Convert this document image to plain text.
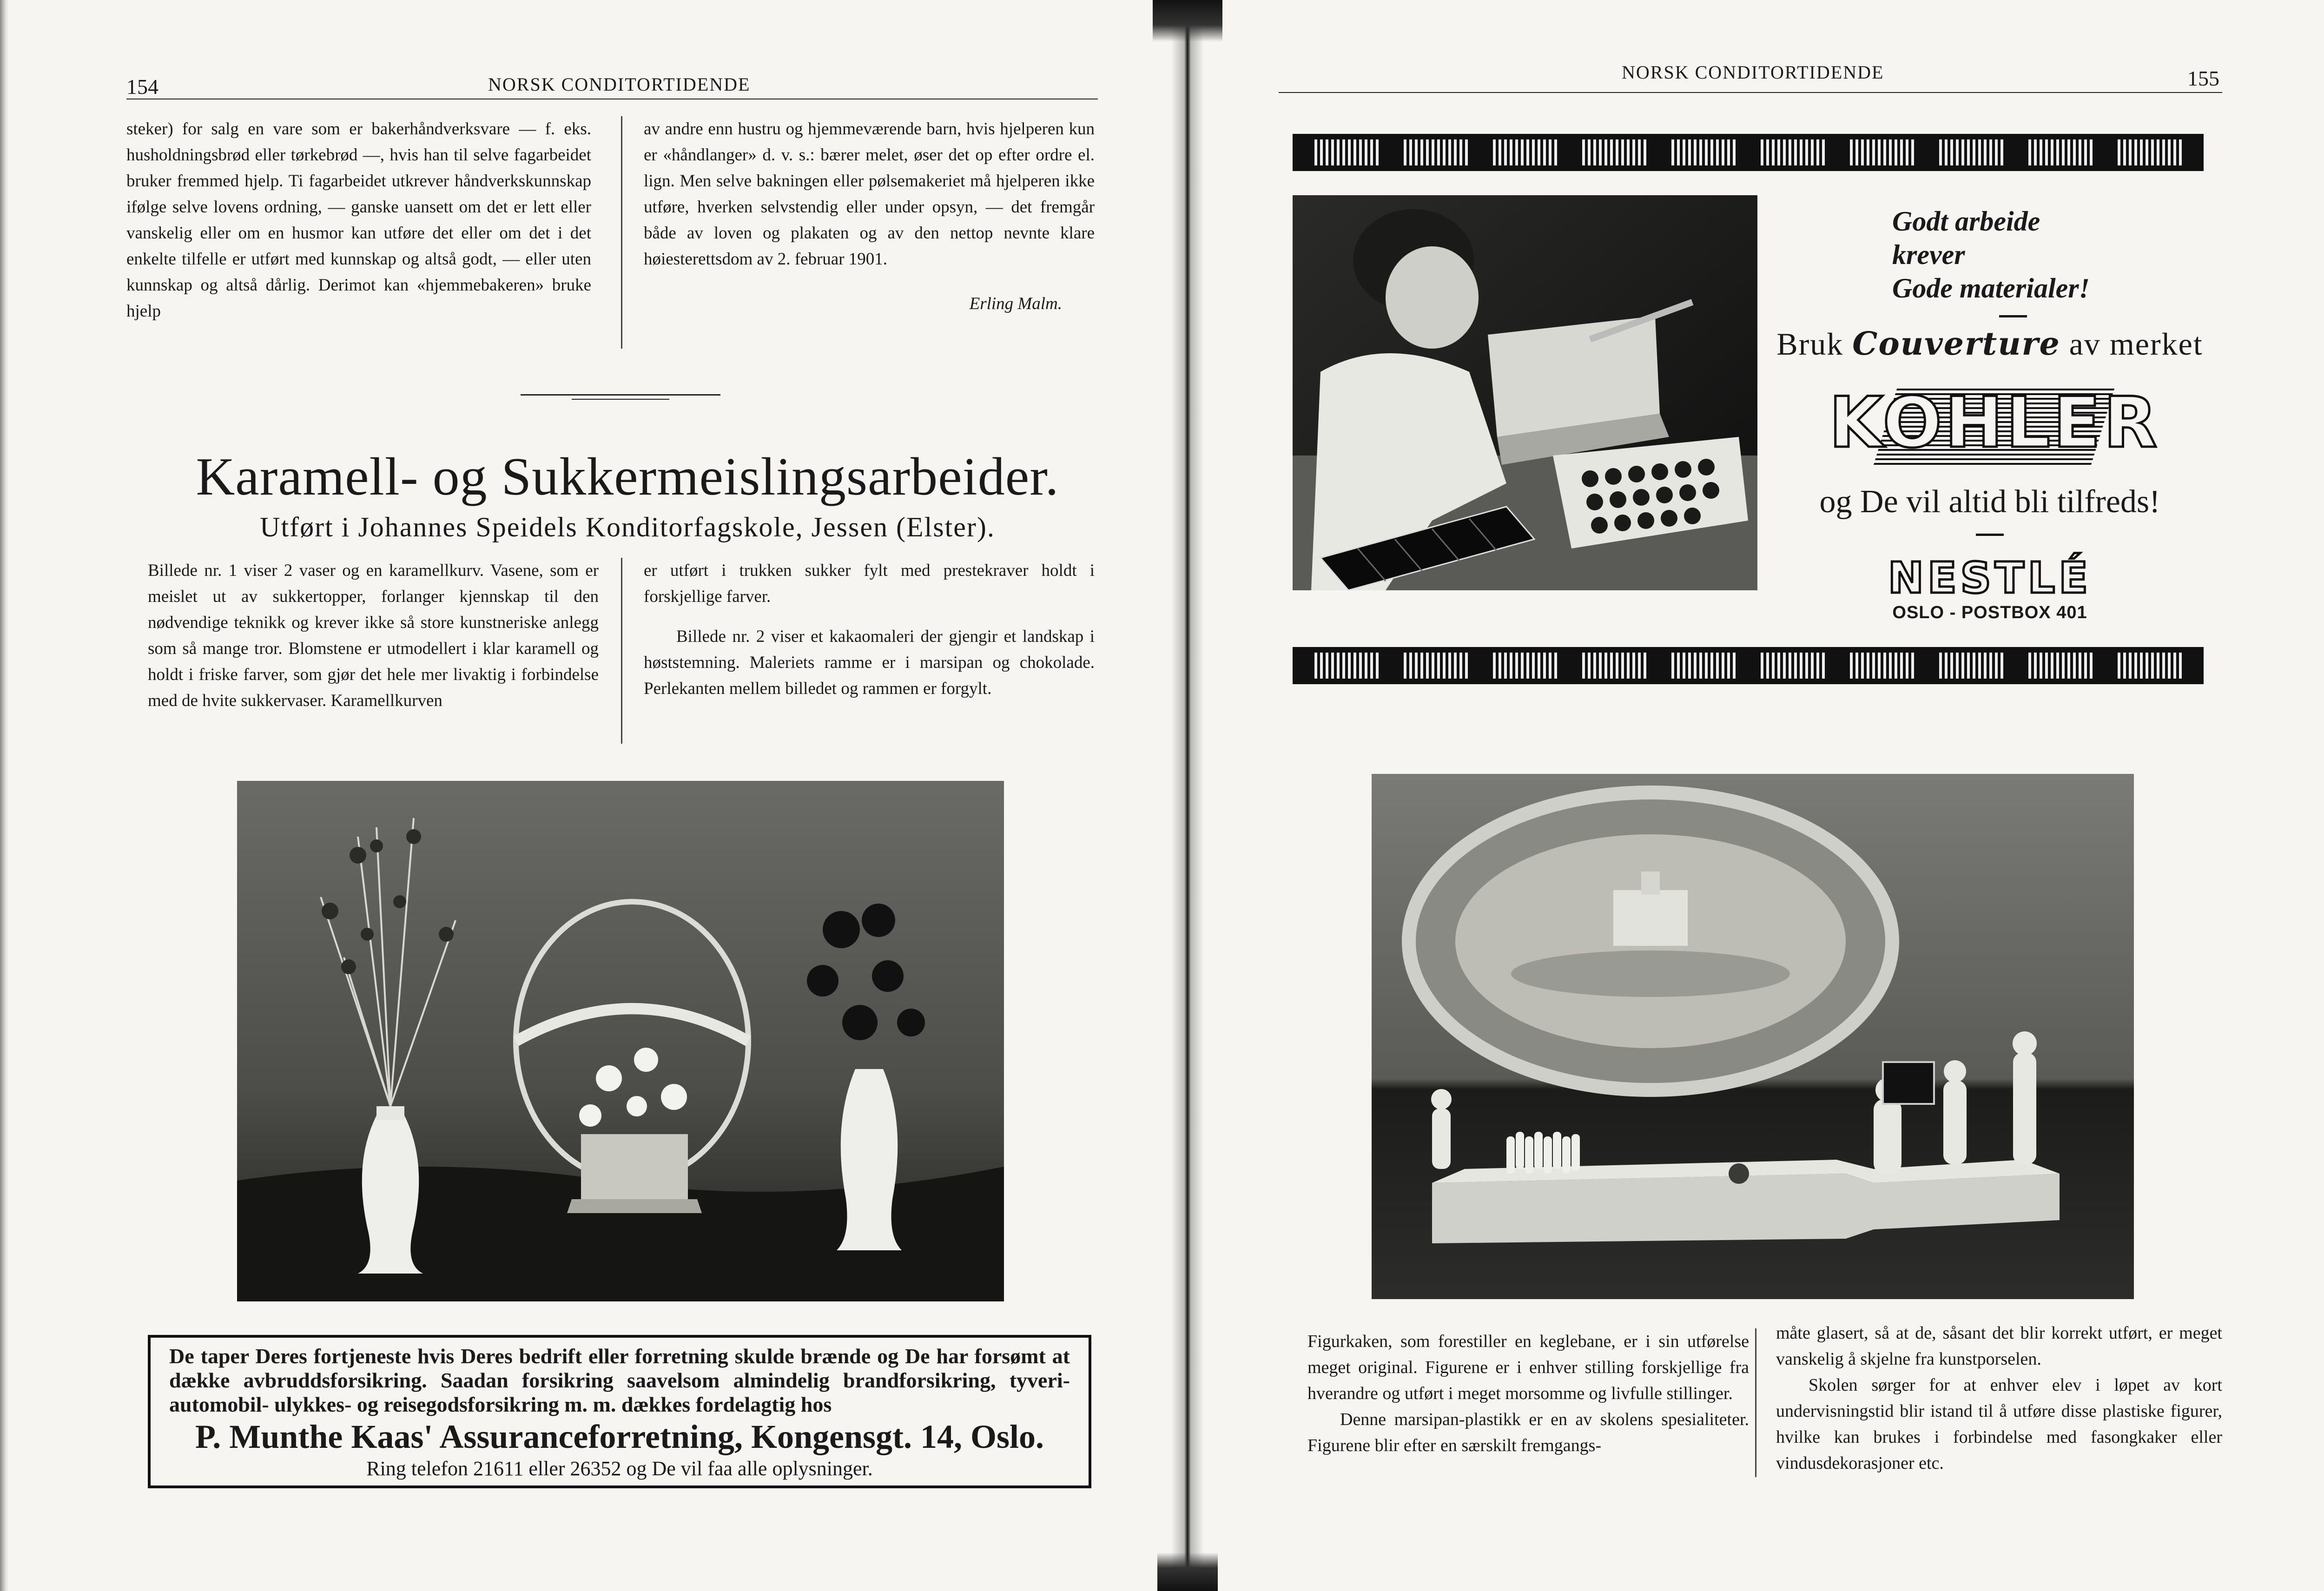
154	NORSK CONDITORTIDENDE

steker) for salg en vare som er bakerhåndverksvare — f. eks. husholdningsbrød eller tørkebrød —, hvis han til selve fagarbeidet bruker fremmed hjelp. Ti fagarbeidet utkrever håndverkskunnskap ifølge selve lovens ordning, — ganske uansett om det er lett eller vanskelig eller om en husmor kan utføre det eller om det i det enkelte tilfelle er utført med kunnskap og altså godt, — eller uten kunnskap og altså dårlig. Derimot kan «hjemmebakeren» bruke hjelp

av andre enn hustru og hjemmeværende barn, hvis hjelperen kun er «håndlanger» d. v. s.: bærer melet, øser det op efter ordre el. lign. Men selve bakningen eller pølsemakeriet må hjelperen ikke utføre, hverken selvstendig eller under opsyn, — det fremgår både av loven og plakaten og av den nettop nevnte klare høiesterettsdom av 2. februar 1901.

Erling Malm.

Karamell- og Sukkermeislingsarbeider.
Utført i Johannes Speidels Konditorfagskole, Jessen (Elster).

Billede nr. 1 viser 2 vaser og en karamellkurv. Vasene, som er meislet ut av sukkertopper, forlanger kjennskap til den nødvendige teknikk og krever ikke så store kunstneriske anlegg som så mange tror. Blomstene er utmodellert i klar karamell og holdt i friske farver, som gjør det hele mer livaktig i forbindelse med de hvite sukkervaser. Karamellkurven

er utført i trukken sukker fylt med prestekraver holdt i forskjellige farver.

Billede nr. 2 viser et kakaomaleri der gjengir et landskap i høststemning. Maleriets ramme er i marsipan og chokolade. Perlekanten mellem billedet og rammen er forgylt.

De taper Deres fortjeneste hvis Deres bedrift eller forretning skulde brænde og De har forsømt at dække avbruddsforsikring. Saadan forsikring saavelsom almindelig brandforsikring, tyveri- automobil- ulykkes- og reisegodsforsikring m. m. dækkes fordelagtig hos
P. Munthe Kaas' Assuranceforretning, Kongensgt. 14, Oslo.
Ring telefon 21611 eller 26352 og De vil faa alle oplysninger.
NORSK CONDITORTIDENDE	155
Godt arbeide
krever
Gode materialer!
Bruk Couverture av merket
KOHLER
og De vil altid bli tilfreds!
NESTLÉ
OSLO - POSTBOX 401

Figurkaken, som forestiller en keglebane, er i sin utførelse meget original. Figurene er i enhver stilling forskjellige fra hverandre og utført i meget morsomme og livfulle stillinger.

Denne marsipan-plastikk er en av skolens spesialiteter. Figurene blir efter en særskilt fremgangs-

måte glasert, så at de, såsant det blir korrekt utført, er meget vanskelig å skjelne fra kunstporselen.

Skolen sørger for at enhver elev i løpet av kort undervisningstid blir istand til å utføre disse plastiske figurer, hvilke kan brukes i forbindelse med fasongkaker eller vindusdekorasjoner etc.
